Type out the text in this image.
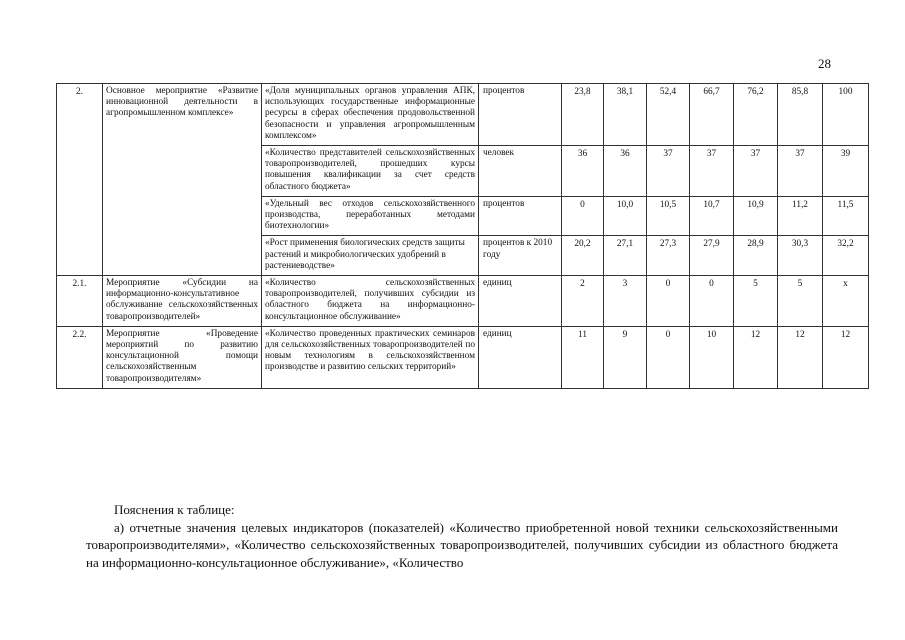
28
2.	Основное мероприятие «Развитие инновационной деятельности в агропромышленном комплексе»	«Доля муниципальных органов управления АПК, использующих государственные информационные ресурсы в сферах обеспечения продовольственной безопасности и управления агропромышленным комплексом»	процентов	23,8	38,1	52,4	66,7	76,2	85,8	100
		«Количество представителей сельскохозяйственных товаропроизводителей, прошедших курсы повышения квалификации за счет средств областного бюджета»	человек	36	36	37	37	37	37	39
		«Удельный вес отходов сельскохозяйственного производства, переработанных методами биотехнологии»	процентов	0	10,0	10,5	10,7	10,9	11,2	11,5
		«Рост применения биологических средств защиты растений и микробиологических удобрений в растениеводстве»	процентов к 2010 году	20,2	27,1	27,3	27,9	28,9	30,3	32,2
2.1.	Мероприятие «Субсидии на информационно-консультативное обслуживание сельскохозяйственных товаропроизводителей»	«Количество сельскохозяйственных товаропроизводителей, получивших субсидии из областного бюджета на информационно-консультационное обслуживание»	единиц	2	3	0	0	5	5	х
2.2.	Мероприятие «Проведение мероприятий по развитию консультационной помощи сельскохозяйственным товаропроизводителям»	«Количество проведенных практических семинаров для сельскохозяйственных товаропроизводителей по новым технологиям в сельскохозяйственном производстве и развитию сельских территорий»	единиц	11	9	0	10	12	12	12

Пояснения к таблице:

а) отчетные значения целевых индикаторов (показателей) «Количество приобретенной новой техники сельскохозяйственными товаропроизводителями», «Количество сельскохозяйственных товаропроизводителей, получивших субсидии из областного бюджета на информационно-консультационное обслуживание», «Количество
